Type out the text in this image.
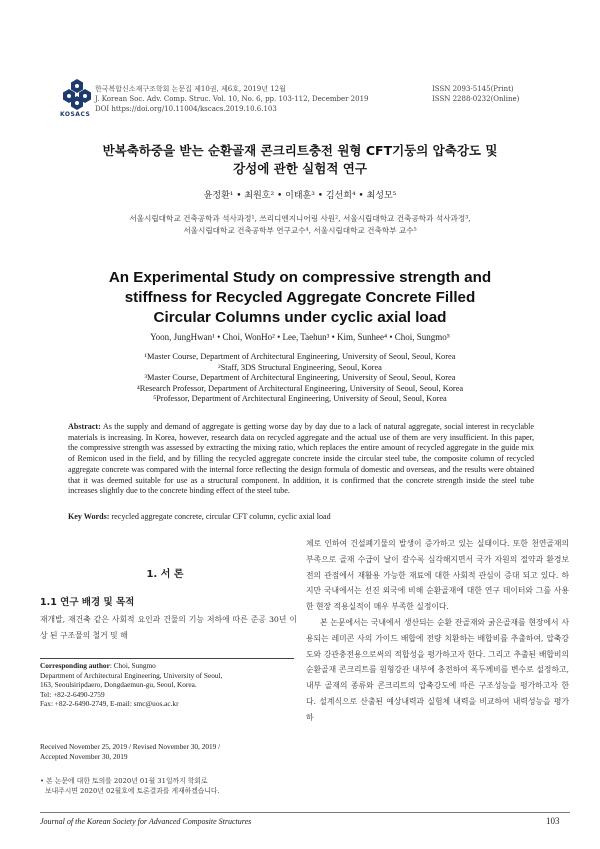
KOSACS
한국복합신소재구조학회 논문집 제10권, 제6호, 2019년 12월
J. Korean Soc. Adv. Comp. Struc. Vol. 10, No. 6, pp. 103-112, December 2019
DOI https://doi.org/10.11004/kscacs.2019.10.6.103
ISSN 2093-5145(Print)
ISSN 2288-0232(Online)
반복축하중을 받는 순환골재 콘크리트충전 원형 CFT기둥의 압축강도 및
강성에 관한 실험적 연구
윤정환¹ • 최원호² • 이태훈³ • 김선희⁴ • 최성모⁵
서울시립대학교 건축공학과 석사과정¹, 쓰리디엔지니어링 사원², 서울시립대학교 건축공학과 석사과정³,
서울시립대학교 건축공학부 연구교수⁴, 서울시립대학교 건축학부 교수⁵
An Experimental Study on compressive strength and
stiffness for Recycled Aggregate Concrete Filled
Circular Columns under cyclic axial load
Yoon, JungHwan¹ • Choi, WonHo² • Lee, Taehun³ • Kim, Sunhee⁴ • Choi, Sungmo⁵
¹Master Course, Department of Architectural Engineering, University of Seoul, Seoul, Korea
²Staff, 3DS Structural Engineering, Seoul, Korea
³Master Course, Department of Architectural Engineering, University of Seoul, Seoul, Korea
⁴Research Professor, Department of Architectural Engineering, University of Seoul, Seoul, Korea
⁵Professor, Department of Architectural Engineering, University of Seoul, Seoul, Korea
Abstract: As the supply and demand of aggregate is getting worse day by day due to a lack of natural aggregate, social interest in recyclable materials is increasing. In Korea, however, research data on recycled aggregate and the actual use of them are very insufficient. In this paper, the compressive strength was assessed by extracting the mixing ratio, which replaces the entire amount of recycled aggregate in the guide mix of Remicon used in the field, and by filling the recycled aggregate concrete inside the circular steel tube, the composite column of recycled aggregate concrete was compared with the internal force reflecting the design formula of domestic and overseas, and the results were obtained that it was deemed suitable for use as a structural component. In addition, it is confirmed that the concrete strength inside the steel tube increases slightly due to the concrete binding effect of the steel tube.
Key Words: recycled aggregate concrete, circular CFT column, cyclic axial load
1. 서 론
1.1 연구 배경 및 목적
재개발, 재건축 같은 사회적 요인과 건물의 기능 저하에 따른 준공 30년 이상 된 구조물의 철거 및 해

체로 인하여 건설폐기물의 발생이 증가하고 있는 실태이다. 또한 천연골재의 부족으로 골재 수급이 날이 갈수록 심각해지면서 국가 자원의 절약과 환경보전의 관점에서 재활용 가능한 재료에 대한 사회적 관심이 증대 되고 있다. 하지만 국내에서는 선진 외국에 비해 순환골재에 대한 연구 데이터와 그를 사용한 현장 적용실적이 매우 부족한 실정이다.

본 논문에서는 국내에서 생산되는 순환 잔골재와 굵은골재를 현장에서 사용되는 레미콘 사의 가이드 배합에 전량 치환하는 배합비를 추출하여, 압축강도와 강관충전용으로써의 적합성을 평가하고자 한다. 그리고 추출된 배합비의 순환골재 콘크리트를 원형강관 내부에 충전하여 폭두께비를 변수로 설정하고, 내부 골재의 종류와 콘크리트의 압축강도에 따른 구조성능을 평가하고자 한다. 설계식으로 산출된 예상내력과 실험체 내력을 비교하여 내력성능을 평가하

Corresponding author: Choi, Sungmo
Department of Architectural Engineering, University of Seoul,
163, Seoulsiripdaero, Dongdaemun-gu, Seoul, Korea.
Tel: +82-2-6490-2759
Fax: +82-2-6490-2749, E-mail: smc@uos.ac.kr
Received November 25, 2019 / Revised November 30, 2019 /
Accepted November 30, 2019
• 본 논문에 대한 토의를 2020년 01월 31일까지 학회로
보내주시면 2020년 02월호에 토론결과를 게재하겠습니다.
Journal of the Korean Society for Advanced Composite Structures	103
